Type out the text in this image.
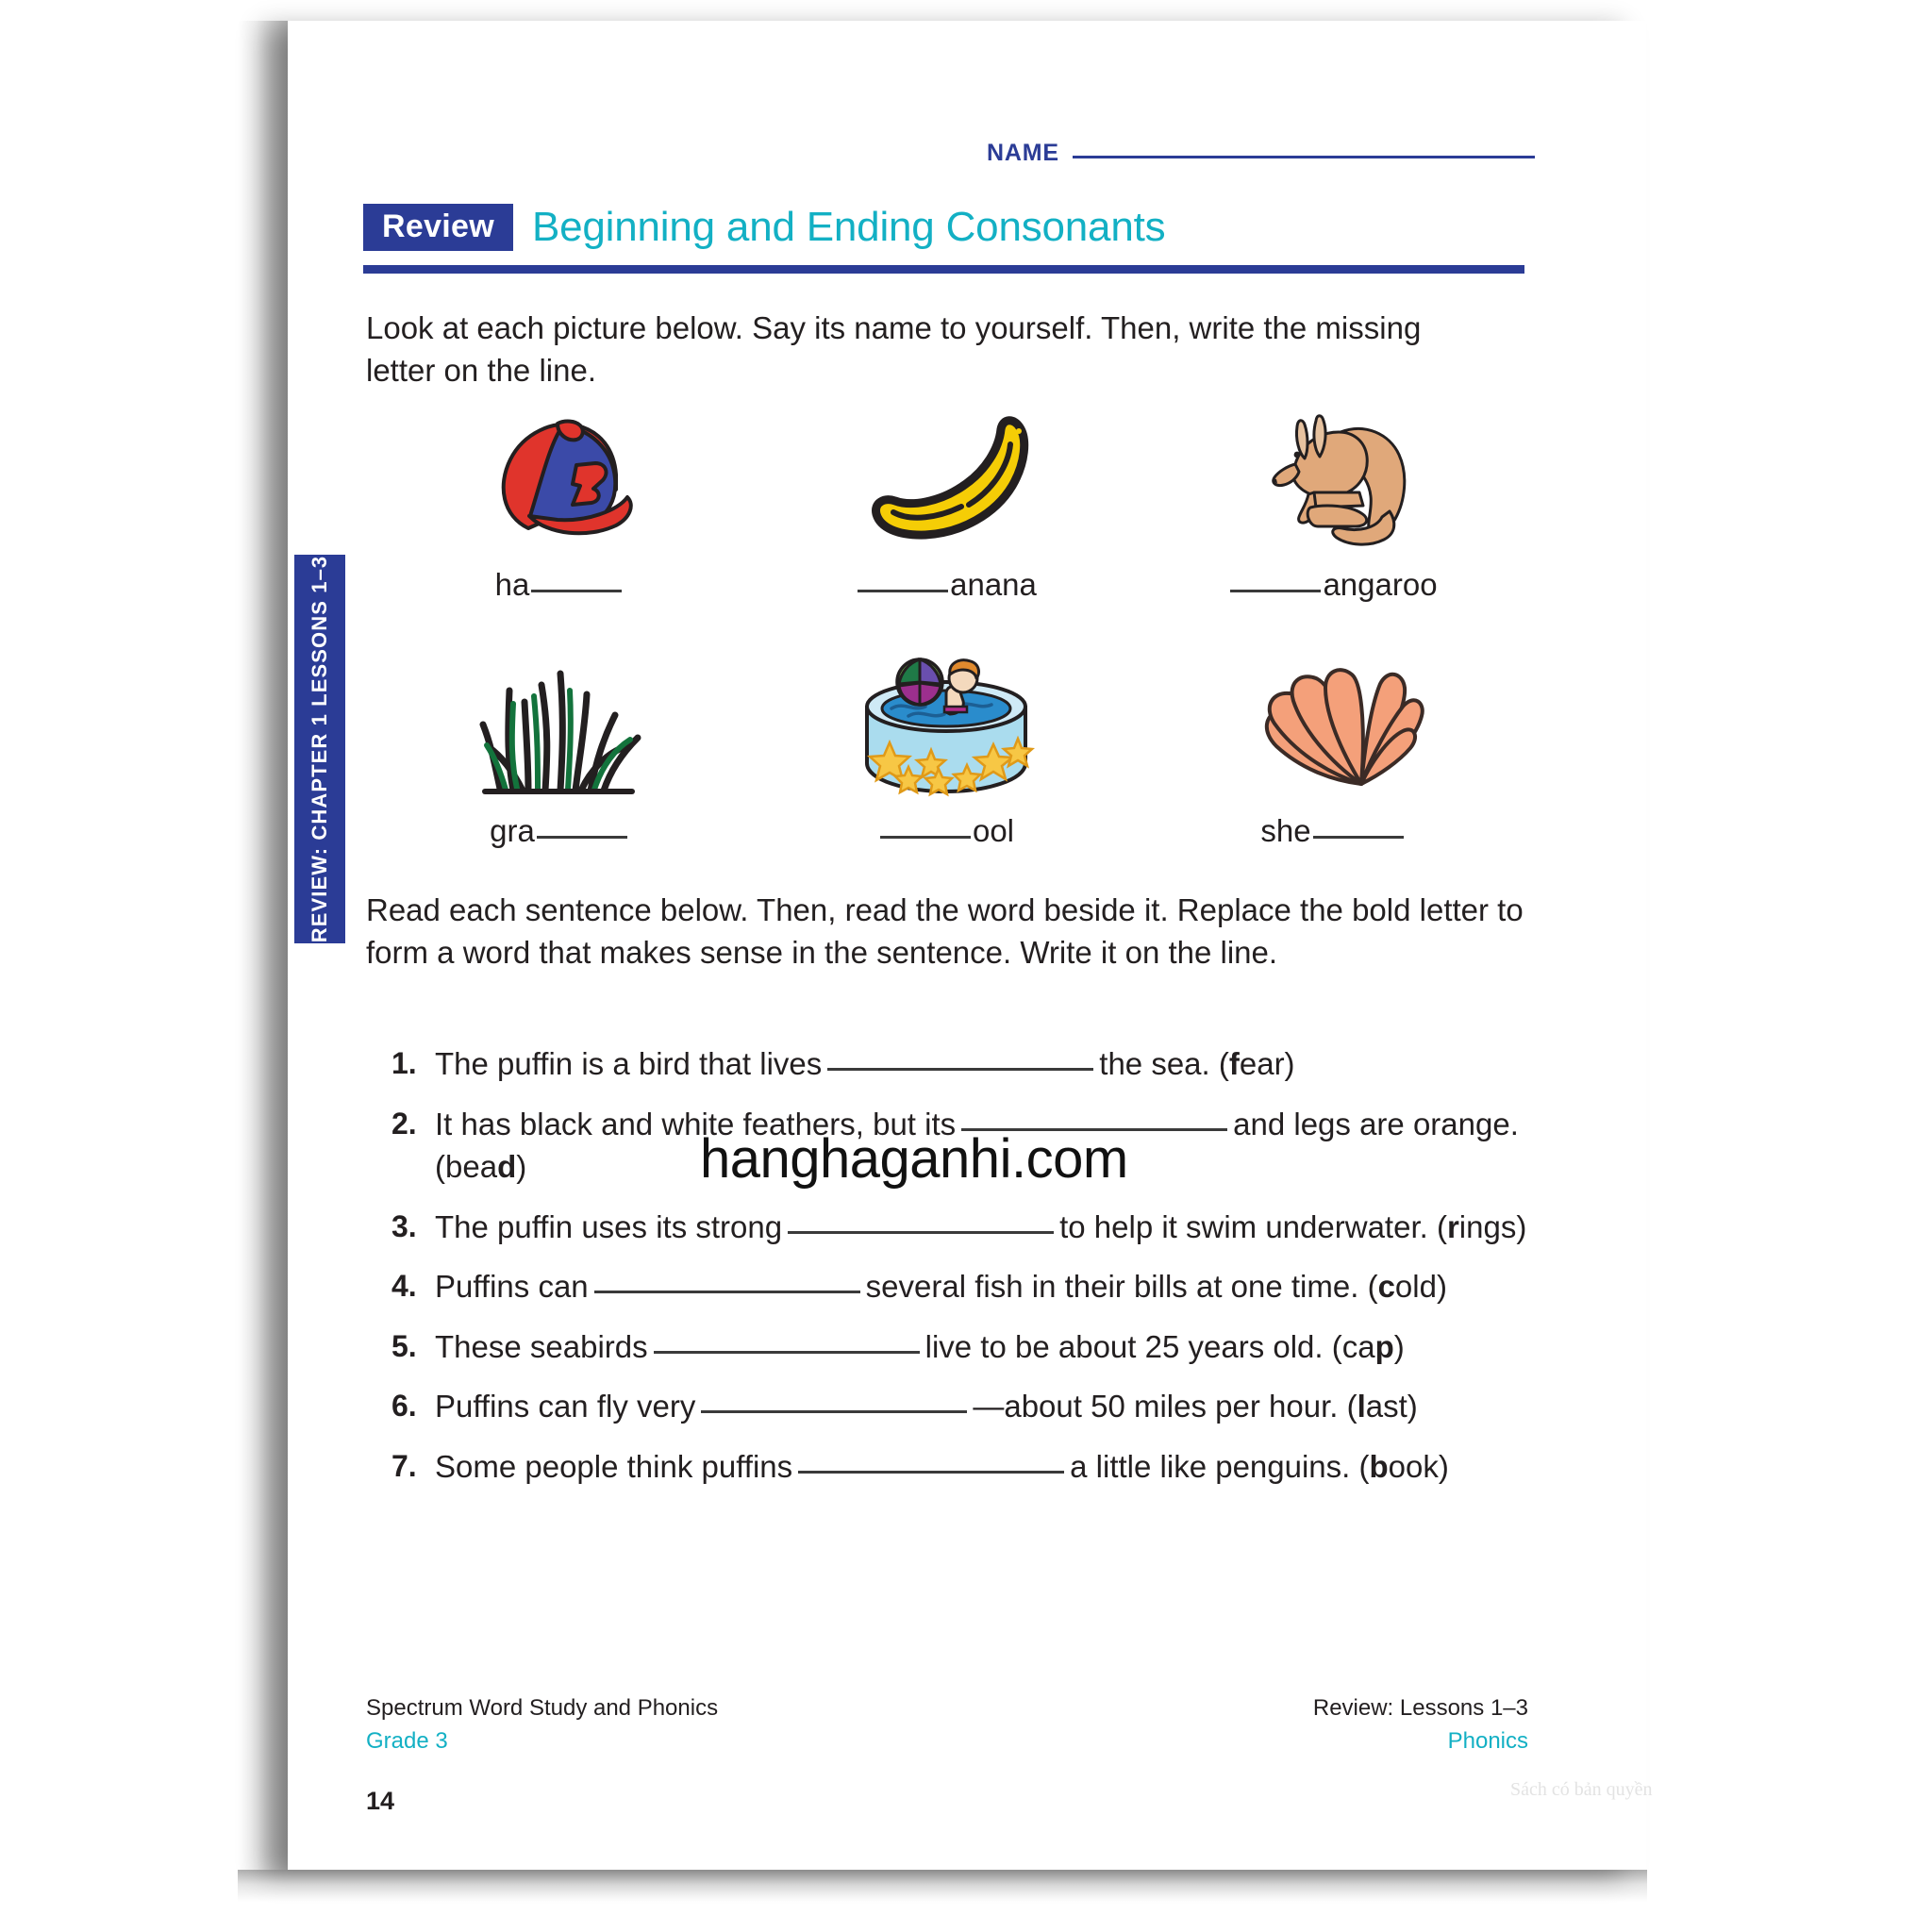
REVIEW: CHAPTER 1 LESSONS 1–3
NAME
Review Beginning and Ending Consonants
Look at each picture below. Say its name to yourself. Then, write the missing letter on the line.
ha	anana	angaroo
gra	ool	she
Read each sentence below. Then, read the word beside it. Replace the bold letter to form a word that makes sense in the sentence. Write it on the line.
1. The puffin is a bird that lives	the sea. (fear)
2. It has black and white feathers, but its	and legs are orange. (bead)
3. The puffin uses its strong	to help it swim underwater. (rings)
4. Puffins can	several fish in their bills at one time. (cold)
5. These seabirds	live to be about 25 years old. (cap)
6. Puffins can fly very	—about 50 miles per hour. (last)
7. Some people think puffins	a little like penguins. (book)
hanghaganhi.com
Sách có bản quyền
Spectrum Word Study and Phonics	Review: Lessons 1–3
Grade 3	Phonics
14
